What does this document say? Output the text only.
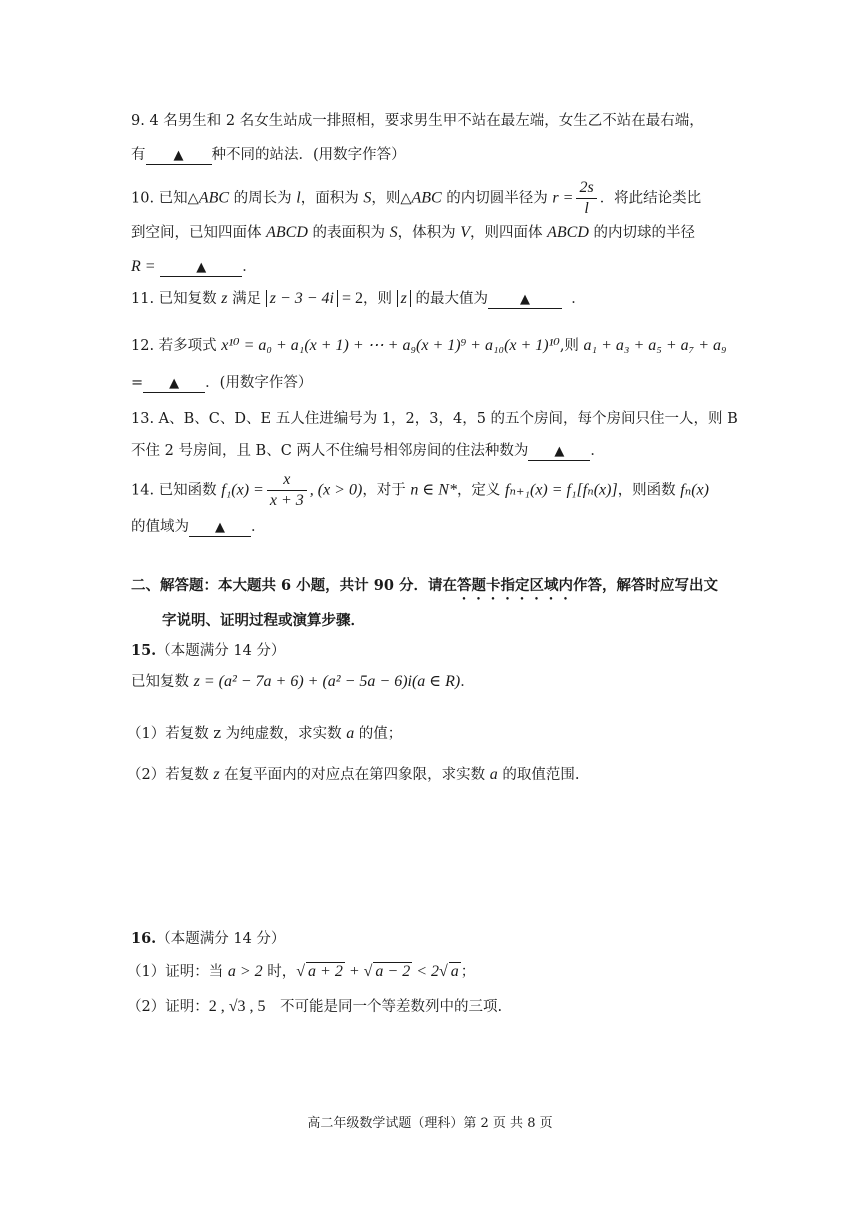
9. 4 名男生和 2 名女生站成一排照相，要求男生甲不站在最左端，女生乙不站在最右端，
有 ▲ 种不同的站法．(用数字作答）
10. 已知△ABC 的周长为 l，面积为 S，则△ABC 的内切圆半径为 $r = \frac{2s}{l}$ ．将此结论类比
到空间，已知四面体 ABCD 的表面积为 S，体积为 V，则四面体 ABCD 的内切球的半径
R =	▲ ．
11. 已知复数 z 满足 z − 3 − 4i = 2，则 z 的最大值为 ▲	．
12. 若多项式 x¹⁰ = a₀ + a₁(x + 1) + ⋯ + a₉(x + 1)⁹ + a₁₀(x + 1)¹⁰,则 a₁ + a₃ + a₅ + a₇ + a₉
= ▲ ．(用数字作答）
13. A、B、C、D、E 五人住进编号为 1，2，3，4，5 的五个房间，每个房间只住一人，则 B
不住 2 号房间，且 B、C 两人不住编号相邻房间的住法种数为 ▲ ．
14. 已知函数 $f_1(x) = \frac{x}{x + 3}$ , (x > 0)，对于 n ∈ N*，定义 fₙ₊₁(x) = f₁[fₙ(x)]，则函数 fₙ(x)
的值域为 ▲ ．
二、解答题：本大题共 6 小题，共计 90 分．请在答题卡指定区域内作答，解答时应写出文
字说明、证明过程或演算步骤．
15.（本题满分 14 分）
已知复数 z = (a² − 7a + 6) + (a² − 5a − 6)i(a ∈ R)．
（1）若复数 z 为纯虚数，求实数 a 的值；
（2）若复数 z 在复平面内的对应点在第四象限，求实数 a 的取值范围.
16.（本题满分 14 分）
（1）证明：当 a > 2 时，√ a + 2 + √ a − 2 < 2√ a ；
（2）证明：2 , √3 , 5　不可能是同一个等差数列中的三项.
高二年级数学试题（理科）第 2 页 共 8 页
